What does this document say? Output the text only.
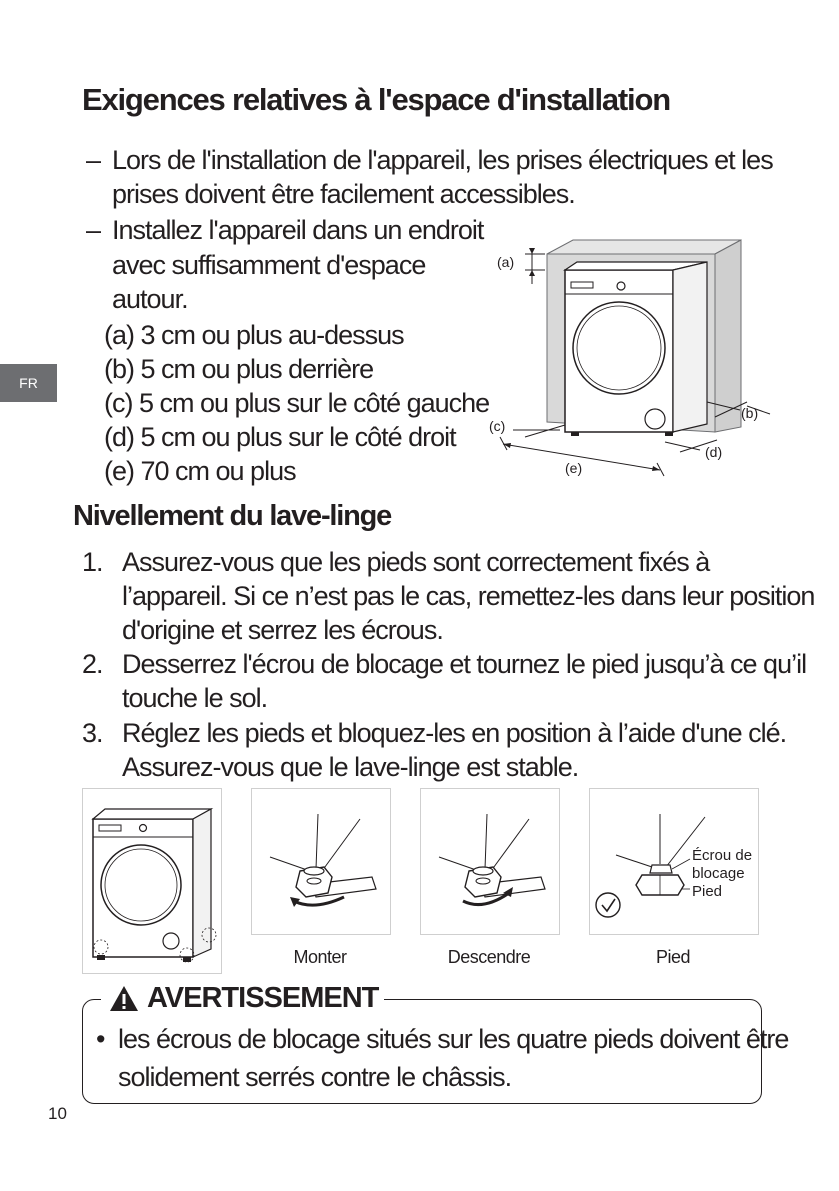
FR
Exigences relatives à l'espace d'installation
– Lors de l'installation de l'appareil, les prises électriques et les
prises doivent être facilement accessibles.
– Installez l'appareil dans un endroit
avec suffisamment d'espace
autour.
(a) 3 cm ou plus au-dessus
(b) 5 cm ou plus derrière
(c) 5 cm ou plus sur le côté gauche
(d) 5 cm ou plus sur le côté droit
(e) 70 cm ou plus
(a)
(b)
(c)
(d)
(e)
Nivellement du lave-linge
1. Assurez-vous que les pieds sont correctement fixés à
l’appareil. Si ce n’est pas le cas, remettez-les dans leur position
d'origine et serrez les écrous.
2. Desserrez l'écrou de blocage et tournez le pied jusqu’à ce qu’il
touche le sol.
3. Réglez les pieds et bloquez-les en position à l’aide d'une clé.
Assurez-vous que le lave-linge est stable.
Écrou de
blocage
Pied
Monter	Descendre	Pied
AVERTISSEMENT
• les écrous de blocage situés sur les quatre pieds doivent être
solidement serrés contre le châssis.
10
